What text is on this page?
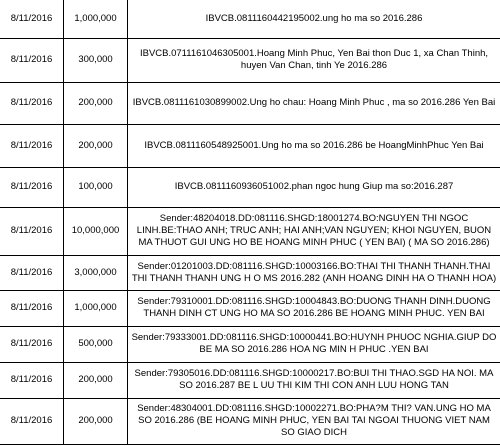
8/11/2016	1,000,000	IBVCB.0811160442195002.ung ho ma so 2016.286
8/11/2016	300,000	IBVCB.0711161046305001.Hoang Minh Phuc, Yen Bai thon Duc 1, xa Chan Thinh, huyen Van Chan, tinh Ye 2016.286
8/11/2016	200,000	IBVCB.0811161030899002.Ung ho chau: Hoang Minh Phuc , ma so 2016.286 Yen Bai
8/11/2016	200,000	IBVCB.0811160548925001.Ung ho ma so 2016.286 be HoangMinhPhuc Yen Bai
8/11/2016	100,000	IBVCB.0811160936051002.phan ngoc hung Giup ma so:2016.287
8/11/2016	10,000,000	Sender:48204018.DD:081116.SHGD:18001274.BO:NGUYEN THI NGOC LINH.BE:THAO ANH; TRUC ANH; HAI ANH;VAN NGUYEN; KHOI NGUYEN, BUON MA THUOT GUI UNG HO BE HOANG MINH PHUC ( YEN BAI) ( MA SO 2016.286)
8/11/2016	3,000,000	Sender:01201003.DD:081116.SHGD:10003166.BO:THAI THI THANH THANH.THAI THI THANH THANH UNG H O MS 2016.282 (ANH HOANG DINH HA O THANH HOA)
8/11/2016	1,000,000	Sender:79310001.DD:081116.SHGD:10004843.BO:DUONG THANH DINH.DUONG THANH DINH CT UNG HO MA SO 2016.286 BE HOANG MINH PHUC. YEN BAI
8/11/2016	500,000	Sender:79333001.DD:081116.SHGD:10000441.BO:HUYNH PHUOC NGHIA.GIUP DO BE MA SO 2016.286 HOA NG MIN H PHUC .YEN BAI
8/11/2016	200,000	Sender:79305016.DD:081116.SHGD:10000217.BO:BUI THI THAO.SGD HA NOI. MA SO 2016.287 BE L UU THI KIM THI CON ANH LUU HONG TAN
8/11/2016	200,000	Sender:48304001.DD:081116.SHGD:10002271.BO:PHA?M THI? VAN.UNG HO MA SO 2016.286 (BE HOANG MINH PHUC, YEN BAI TAI NGOAI THUONG VIET NAM SO GIAO DICH
